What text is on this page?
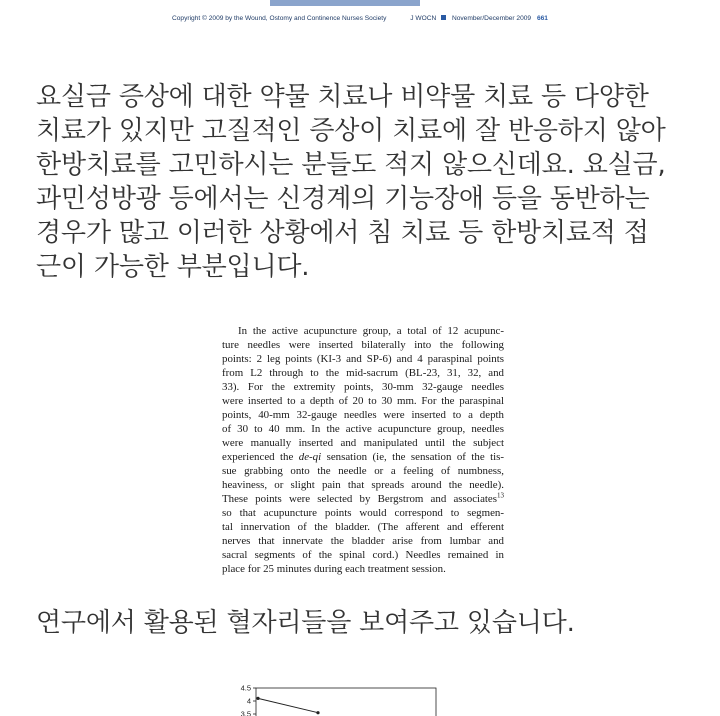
Copyright © 2009 by the Wound, Ostomy and Continence Nurses Society	J WOCN November/December 2009 661
요실금 증상에 대한 약물 치료나 비약물 치료 등 다양한
치료가 있지만 고질적인 증상이 치료에 잘 반응하지 않아
한방치료를 고민하시는 분들도 적지 않으신데요. 요실금,
과민성방광 등에서는 신경계의 기능장애 등을 동반하는
경우가 많고 이러한 상황에서 침 치료 등 한방치료적 접
근이 가능한 부분입니다.
In the active acupuncture group, a total of 12 acupunc-
ture needles were inserted bilaterally into the following
points: 2 leg points (KI-3 and SP-6) and 4 paraspinal points
from L2 through to the mid-sacrum (BL-23, 31, 32, and
33). For the extremity points, 30-mm 32-gauge needles
were inserted to a depth of 20 to 30 mm. For the paraspinal
points, 40-mm 32-gauge needles were inserted to a depth
of 30 to 40 mm. In the active acupuncture group, needles
were manually inserted and manipulated until the subject
experienced the de-qi sensation (ie, the sensation of the tis-
sue grabbing onto the needle or a feeling of numbness,
heaviness, or slight pain that spreads around the needle).
These points were selected by Bergstrom and associates$^{13}$
so that acupuncture points would correspond to segmen-
tal innervation of the bladder. (The afferent and efferent
nerves that innervate the bladder arise from lumbar and
sacral segments of the spinal cord.) Needles remained in
place for 25 minutes during each treatment session.
연구에서 활용된 혈자리들을 보여주고 있습니다.
4.5
4
3.5
